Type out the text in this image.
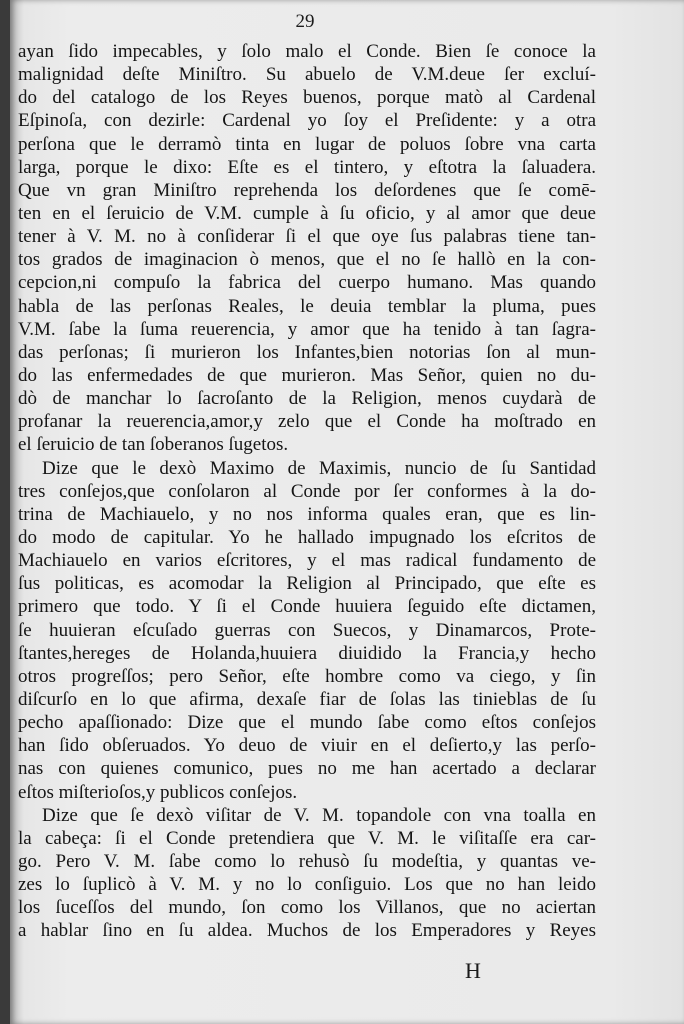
29
ayan ſido impecables, y ſolo malo el Conde. Bien ſe conoce la
malignidad deſte Miniſtro. Su abuelo de V.M.deue ſer excluí-
do del catalogo de los Reyes buenos, porque matò al Cardenal
Eſpinoſa, con dezirle: Cardenal yo ſoy el Preſidente: y a otra
perſona que le derramò tinta en lugar de poluos ſobre vna carta
larga, porque le dixo: Eſte es el tintero, y eſtotra la ſaluadera.
Que vn gran Miniſtro reprehenda los deſordenes que ſe comē-
ten en el ſeruicio de V.M. cumple à ſu oficio, y al amor que deue
tener à V. M. no à conſiderar ſi el que oye ſus palabras tiene tan-
tos grados de imaginacion ò menos, que el no ſe hallò en la con-
cepcion,ni compuſo la fabrica del cuerpo humano. Mas quando
habla de las perſonas Reales, le deuia temblar la pluma, pues
V.M. ſabe la ſuma reuerencia, y amor que ha tenido à tan ſagra-
das perſonas; ſi murieron los Infantes,bien notorias ſon al mun-
do las enfermedades de que murieron. Mas Señor, quien no du-
dò de manchar lo ſacroſanto de la Religion, menos cuydarà de
profanar la reuerencia,amor,y zelo que el Conde ha moſtrado en
el ſeruicio de tan ſoberanos ſugetos.
Dize que le dexò Maximo de Maximis, nuncio de ſu Santidad
tres conſejos,que conſolaron al Conde por ſer conformes à la do-
trina de Machiauelo, y no nos informa quales eran, que es lin-
do modo de capitular. Yo he hallado impugnado los eſcritos de
Machiauelo en varios eſcritores, y el mas radical fundamento de
ſus politicas, es acomodar la Religion al Principado, que eſte es
primero que todo. Y ſi el Conde huuiera ſeguido eſte dictamen,
ſe huuieran eſcuſado guerras con Suecos, y Dinamarcos, Prote-
ſtantes,hereges de Holanda,huuiera diuidido la Francia,y hecho
otros progreſſos; pero Señor, eſte hombre como va ciego, y ſin
diſcurſo en lo que afirma, dexaſe fiar de ſolas las tinieblas de ſu
pecho apaſſionado: Dize que el mundo ſabe como eſtos conſejos
han ſido obſeruados. Yo deuo de viuir en el deſierto,y las perſo-
nas con quienes comunico, pues no me han acertado a declarar
eſtos miſterioſos,y publicos conſejos.
Dize que ſe dexò viſitar de V. M. topandole con vna toalla en
la cabeça: ſi el Conde pretendiera que V. M. le viſitaſſe era car-
go. Pero V. M. ſabe como lo rehusò ſu modeſtia, y quantas ve-
zes lo ſuplicò à V. M. y no lo conſiguio. Los que no han leido
los ſuceſſos del mundo, ſon como los Villanos, que no aciertan
a hablar ſino en ſu aldea. Muchos de los Emperadores y Reyes
H
